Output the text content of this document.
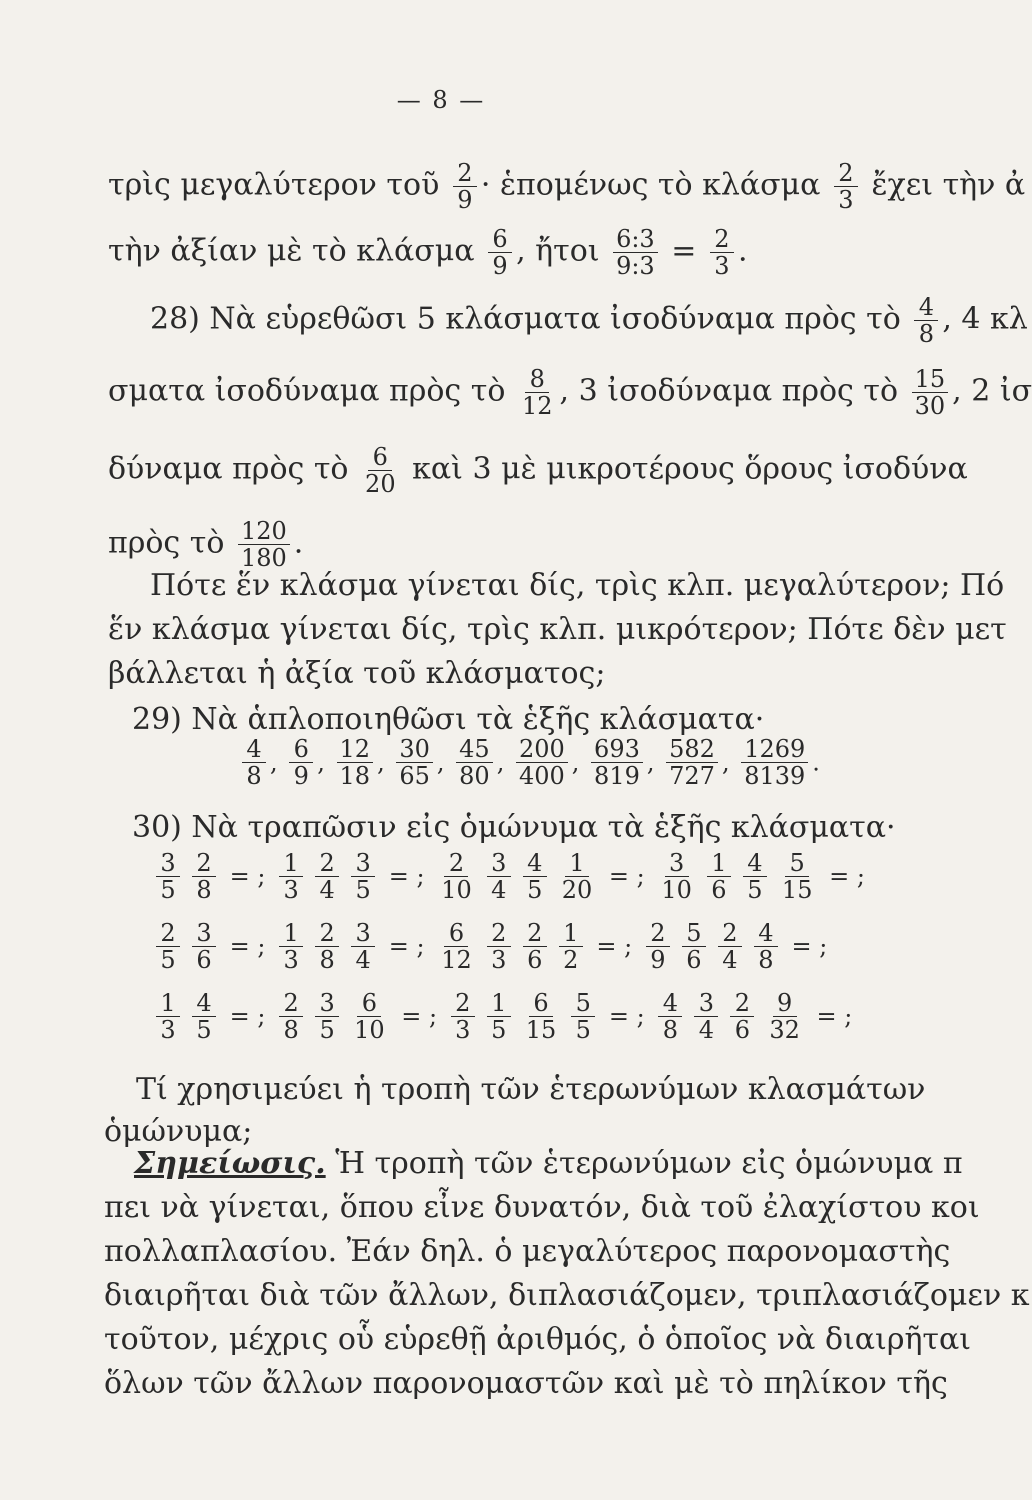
— 8 —
τρὶς μεγαλύτερον τοῦ $\frac{2}{9}$ · ἑπομένως τὸ κλάσμα $\frac{2}{3}$ ἔχει τὴν ἀ
τὴν ἀξίαν μὲ τὸ κλάσμα $\frac{6}{9}$ , ἤτοι $\frac{6:3}{9:3} = \frac{2}{3}$ .
28) Νὰ εὑρεθῶσι 5 κλάσματα ἰσοδύναμα πρὸς τὸ $\frac{4}{8}$ , 4 κλ
σματα ἰσοδύναμα πρὸς τὸ $\frac{8}{12}$ , 3 ἰσοδύναμα πρὸς τὸ $\frac{15}{30}$ , 2 ἰσ
δύναμα πρὸς τὸ $\frac{6}{20}$ καὶ 3 μὲ μικροτέρους ὅρους ἰσοδύνα
πρὸς τὸ $\frac{120}{180}$ .
Πότε ἕν κλάσμα γίνεται δίς, τρὶς κλπ. μεγαλύτερον; Πό
ἕν κλάσμα γίνεται δίς, τρὶς κλπ. μικρότερον; Πότε δὲν μετ
βάλλεται ἡ ἀξία τοῦ κλάσματος;
29) Νὰ ἁπλοποιηθῶσι τὰ ἑξῆς κλάσματα·
$\frac{4}{8}$ , $\frac{6}{9}$ , $\frac{12}{18}$ , $\frac{30}{65}$ , $\frac{45}{80}$ , $\frac{200}{400}$ , $\frac{693}{819}$ , $\frac{582}{727}$ , $\frac{1269}{8139}$ .
30) Νὰ τραπῶσιν εἰς ὁμώνυμα τὰ ἑξῆς κλάσματα·
$\frac{3}{5} \frac{2}{8}$ = ; $\frac{1}{3} \frac{2}{4} \frac{3}{5}$ = ; $\frac{2}{10} \frac{3}{4} \frac{4}{5} \frac{1}{20}$ = ; $\frac{3}{10} \frac{1}{6} \frac{4}{5} \frac{5}{15}$ = ;
$\frac{2}{5} \frac{3}{6}$ = ; $\frac{1}{3} \frac{2}{8} \frac{3}{4}$ = ; $\frac{6}{12} \frac{2}{3} \frac{2}{6} \frac{1}{2}$ = ; $\frac{2}{9} \frac{5}{6} \frac{2}{4} \frac{4}{8}$ = ;
$\frac{1}{3} \frac{4}{5}$ = ; $\frac{2}{8} \frac{3}{5} \frac{6}{10}$ = ; $\frac{2}{3} \frac{1}{5} \frac{6}{15} \frac{5}{5}$ = ; $\frac{4}{8} \frac{3}{4} \frac{2}{6} \frac{9}{32}$ = ;
Τί χρησιμεύει ἡ τροπὴ τῶν ἑτερωνύμων κλασμάτων
ὁμώνυμα;
Σημείωσις. Ἡ τροπὴ τῶν ἑτερωνύμων εἰς ὁμώνυμα π
πει νὰ γίνεται, ὅπου εἶνε δυνατόν, διὰ τοῦ ἐλαχίστου κοι
πολλαπλασίου. Ἐάν δηλ. ὁ μεγαλύτερος παρονομαστὴς
διαιρῆται διὰ τῶν ἄλλων, διπλασιάζομεν, τριπλασιάζομεν κ
τοῦτον, μέχρις οὗ εὑρεθῇ ἀριθμός, ὁ ὁποῖος νὰ διαιρῆται
ὅλων τῶν ἄλλων παρονομαστῶν καὶ μὲ τὸ πηλίκον τῆς
